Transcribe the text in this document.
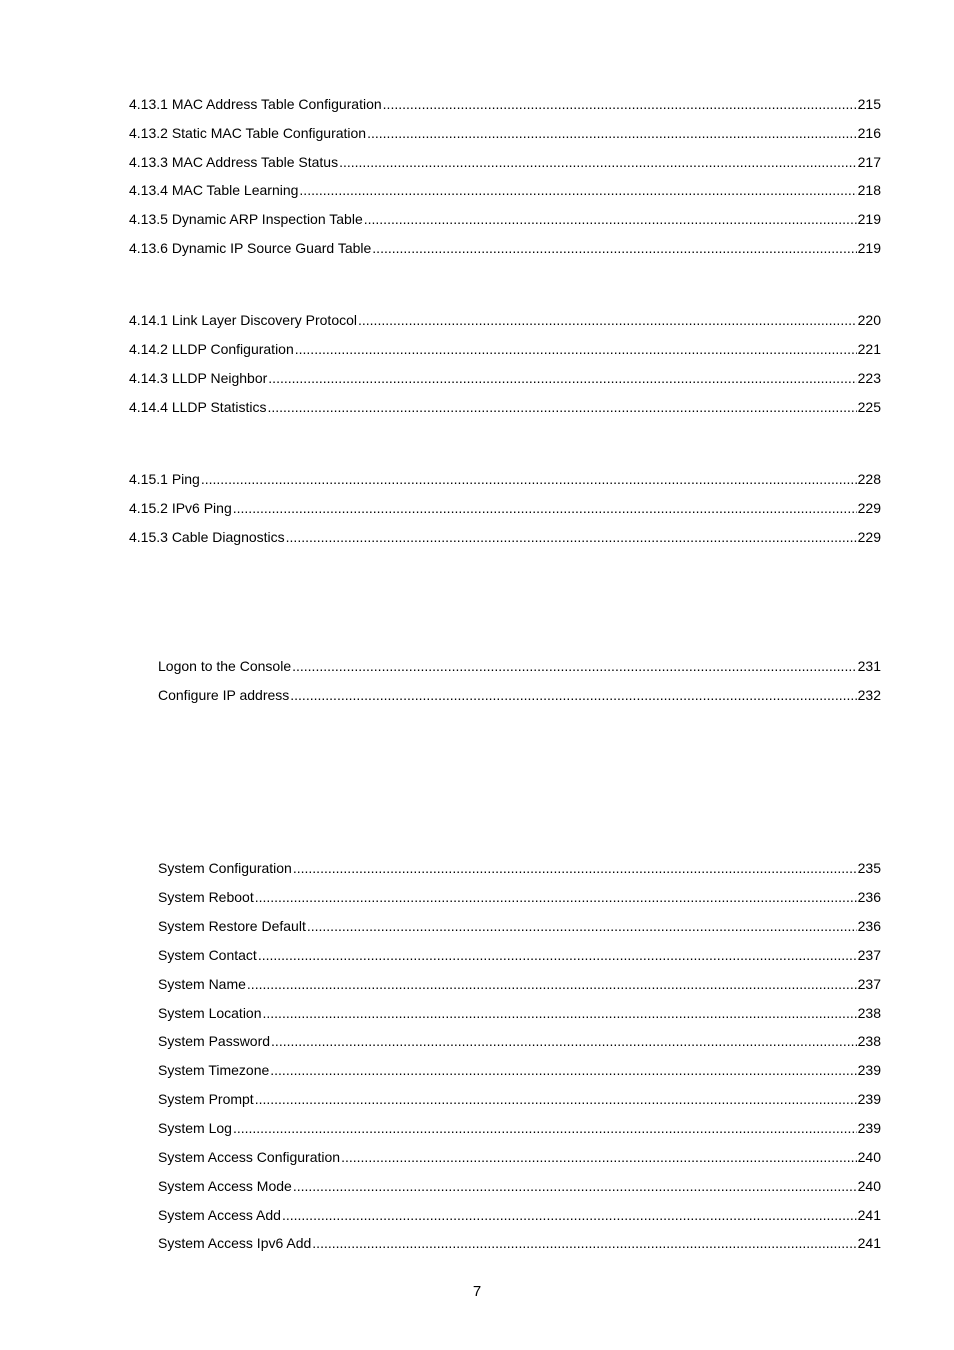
4.13.1 MAC Address Table Configuration .....	215
4.13.2 Static MAC Table Configuration .....	216
4.13.3 MAC Address Table Status .....	217
4.13.4 MAC Table Learning .....	218
4.13.5 Dynamic ARP Inspection Table .....	219
4.13.6 Dynamic IP Source Guard Table .....	219
4.14.1 Link Layer Discovery Protocol .....	220
4.14.2 LLDP Configuration .....	221
4.14.3 LLDP Neighbor .....	223
4.14.4 LLDP Statistics .....	225
4.15.1 Ping .....	228
4.15.2 IPv6 Ping .....	229
4.15.3 Cable Diagnostics .....	229
Logon to the Console .....	231
Configure IP address .....	232
System Configuration .....	235
System Reboot .....	236
System Restore Default .....	236
System Contact .....	237
System Name .....	237
System Location .....	238
System Password .....	238
System Timezone .....	239
System Prompt .....	239
System Log .....	239
System Access Configuration .....	240
System Access Mode .....	240
System Access Add .....	241
System Access Ipv6 Add .....	241
7
